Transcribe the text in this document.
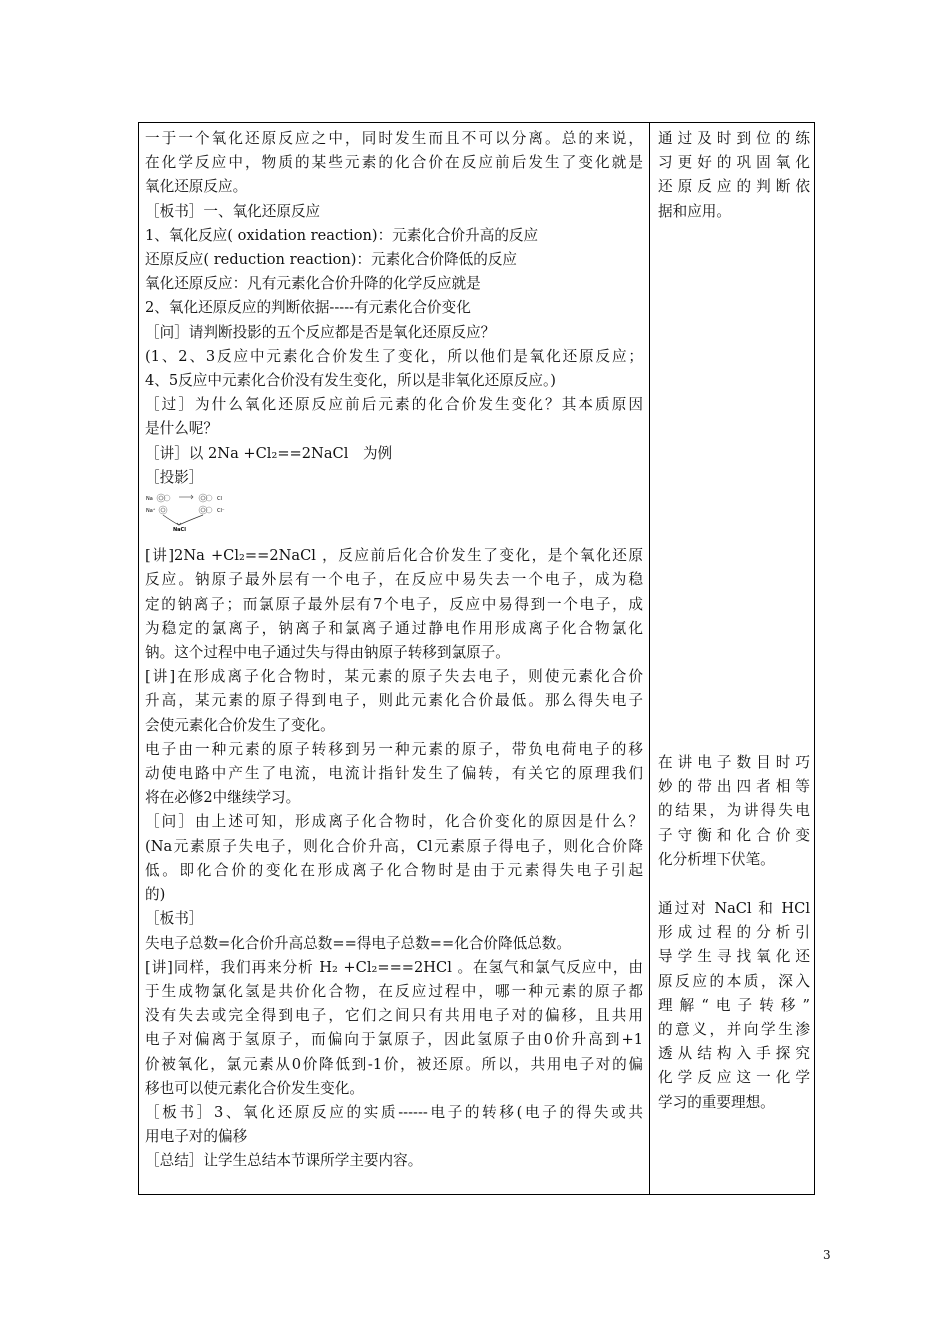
一于一个氧化还原反应之中，同时发生而且不可以分离。总的来说，
在化学反应中，物质的某些元素的化合价在反应前后发生了变化就是
氧化还原反应。
［板书］一、氧化还原反应
1、氧化反应( oxidation reaction)：元素化合价升高的反应
还原反应( reduction reaction)：元素化合价降低的反应
氧化还原反应：凡有元素化合价升降的化学反应就是
2、氧化还原反应的判断依据-----有元素化合价变化
［问］请判断投影的五个反应都是否是氧化还原反应？
(1、2、3反应中元素化合价发生了变化，所以他们是氧化还原反应；
4、5反应中元素化合价没有发生变化，所以是非氧化还原反应。)
［过］为什么氧化还原反应前后元素的化合价发生变化？其本质原因
是什么呢？
［讲］以 2Na +Cl₂==2NaCl　为例
［投影］
Na	Cl
Na⁺	Cl⁻
NaCl
[讲]2Na +Cl₂==2NaCl ，反应前后化合价发生了变化，是个氧化还原
反应。钠原子最外层有一个电子，在反应中易失去一个电子，成为稳
定的钠离子；而氯原子最外层有7个电子，反应中易得到一个电子，成
为稳定的氯离子，钠离子和氯离子通过静电作用形成离子化合物氯化
钠。这个过程中电子通过失与得由钠原子转移到氯原子。
[讲]在形成离子化合物时，某元素的原子失去电子，则使元素化合价
升高，某元素的原子得到电子，则此元素化合价最低。那么得失电子
会使元素化合价发生了变化。
电子由一种元素的原子转移到另一种元素的原子，带负电荷电子的移
动使电路中产生了电流，电流计指针发生了偏转，有关它的原理我们
将在必修2中继续学习。
［问］由上述可知，形成离子化合物时，化合价变化的原因是什么？
(Na元素原子失电子，则化合价升高，Cl元素原子得电子，则化合价降
低。即化合价的变化在形成离子化合物时是由于元素得失电子引起
的)
［板书］
失电子总数=化合价升高总数==得电子总数==化合价降低总数。
[讲]同样，我们再来分析 H₂ +Cl₂===2HCl 。在氢气和氯气反应中，由
于生成物氯化氢是共价化合物，在反应过程中，哪一种元素的原子都
没有失去或完全得到电子，它们之间只有共用电子对的偏移，且共用
电子对偏离于氢原子，而偏向于氯原子，因此氢原子由0价升高到+1
价被氧化，氯元素从0价降低到-1价，被还原。所以，共用电子对的偏
移也可以使元素化合价发生变化。
［板书］3、氧化还原反应的实质------电子的转移(电子的得失或共
用电子对的偏移
［总结］让学生总结本节课所学主要内容。
通过及时到位的练
习更好的巩固氧化
还原反应的判断依
据和应用。
在讲电子数目时巧
妙的带出四者相等
的结果，为讲得失电
子守衡和化合价变
化分析埋下伏笔。
通过对 NaCl 和 HCl
形成过程的分析引
导学生寻找氧化还
原反应的本质，深入
理解“电子转移”
的意义，并向学生渗
透从结构入手探究
化学反应这一化学
学习的重要理想。
3
